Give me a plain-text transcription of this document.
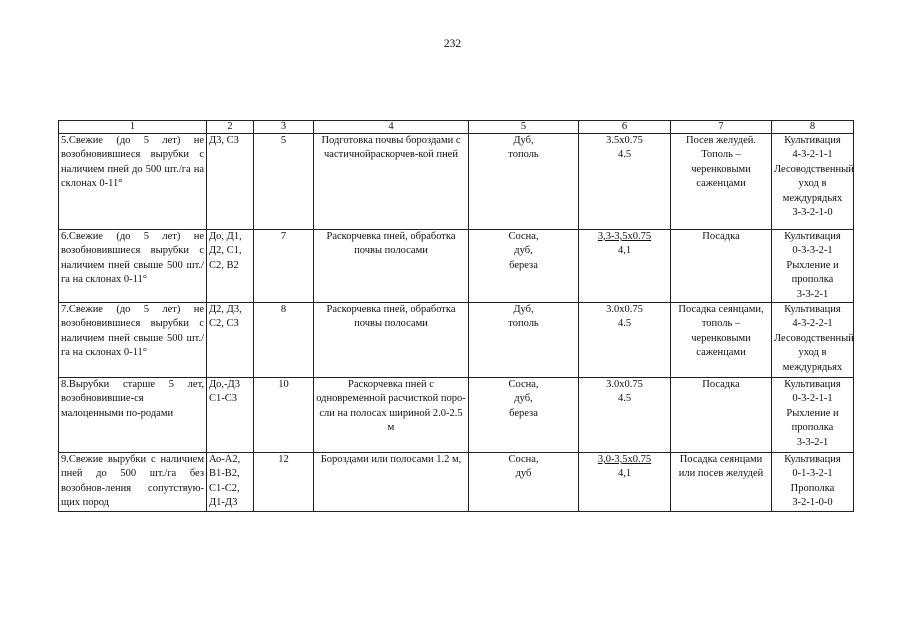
232
1	2	3	4	5	6	7	8
5.Свежие (до 5 лет) не возобновившиеся вырубки с наличием пней до 500 шт./га на склонах 0-11°	Д3, С3	5	Подготовка почвы бороздами с частичнойраскорчев-кой пней	Дуб,
тополь	3.5х0.75
4.5	Посев желудей. Тополь – черенковыми саженцами	Культивация
4-3-2-1-1
Лесоводственный уход в междурядьях
3-3-2-1-0

6.Свежие (до 5 лет) не возобновившиеся вырубки с наличием пней свыше 500 шт./га на склонах 0-11°	До, Д1,
Д2, С1,
С2, В2	7	Раскорчевка пней, обработка почвы полосами	Сосна,
дуб,
береза	3,3-3,5х0.75
4,1	Посадка	Культивация
0-3-3-2-1
Рыхление и прополка
3-3-2-1

7.Свежие (до 5 лет) не возобновившиеся вырубки с наличием пней свыше 500 шт./га на склонах 0-11°	Д2, Д3,
С2, С3	8	Раскорчевка пней, обработка почвы полосами	Дуб,
тополь	3.0х0.75
4.5	Посадка сеянцами, тополь – черенковыми саженцами	Культивация
4-3-2-2-1
Лесоводственный уход в междурядьях

8.Вырубки старше 5 лет, возобновившие-ся малоценными по-родами	До,-Д3
С1-С3	10	Раскорчевка пней с одновременной расчисткой поро-сли на полосах шириной 2.0-2.5 м	Сосна,
дуб,
береза	3.0х0.75
4.5	Посадка	Культивация
0-3-2-1-1
Рыхление и прополка
3-3-2-1

9.Свежие вырубки с наличием пней до 500 шт./га без возобнов-ления сопутствую-щих пород	Ао-А2,
В1-В2,
С1-С2,
Д1-Д3	12	Бороздами или полосами 1.2 м,	Сосна,
дуб	3,0-3,5х0.75
4,1	Посадка сеянцами или посев желудей	Культивация
0-1-3-2-1
Прополка
3-2-1-0-0
